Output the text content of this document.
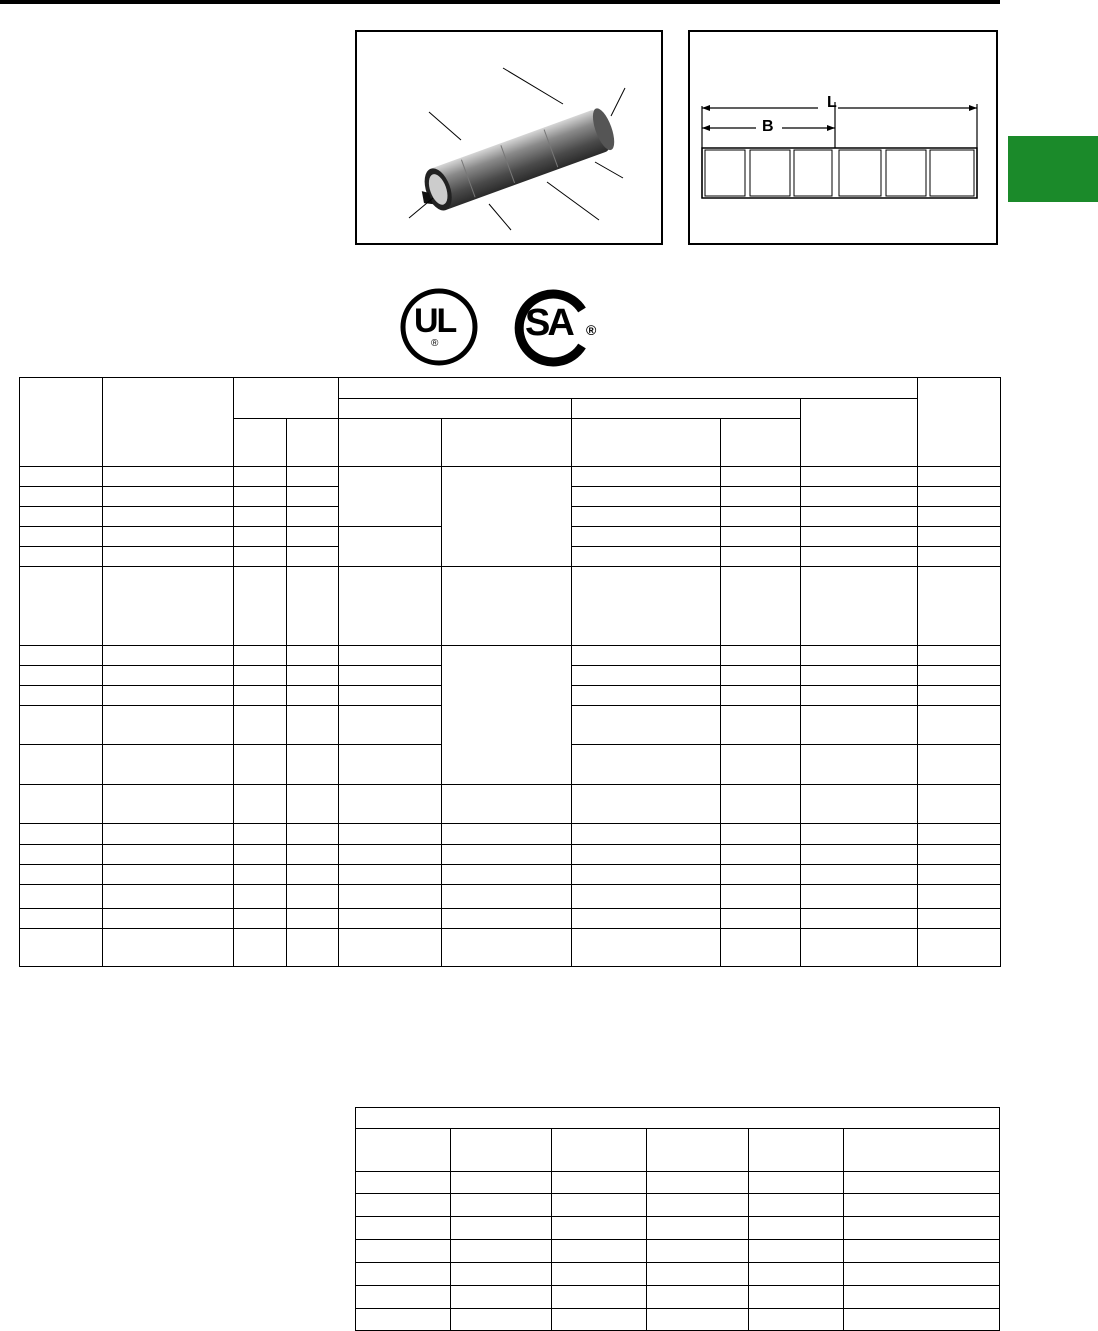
L
B
UL
® SA ®
